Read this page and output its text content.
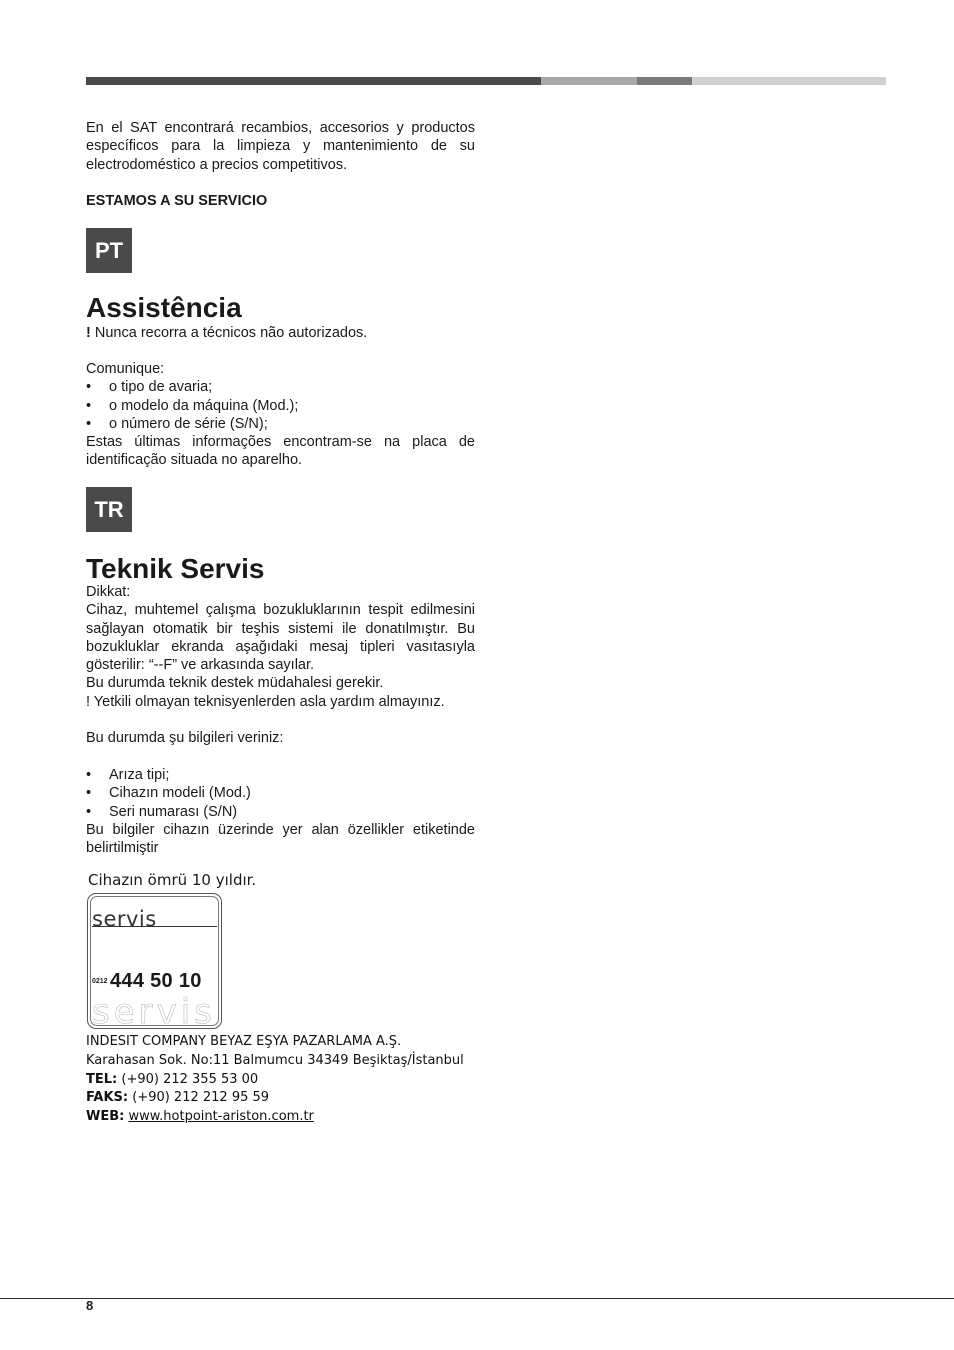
En el SAT encontrará recambios, accesorios y productos específicos para la limpieza y mantenimiento de su electrodoméstico a precios competitivos.
ESTAMOS A SU SERVICIO
PT
Assistência
! Nunca recorra a técnicos não autorizados.
Comunique:
•	o tipo de avaria;
•	o modelo da máquina (Mod.);
•	o número de série (S/N);
Estas últimas informações encontram-se na placa de identificação situada no aparelho.
TR
Teknik Servis
Dikkat:
Cihaz, muhtemel çalışma bozukluklarının tespit edilmesini sağlayan otomatik bir teşhis sistemi ile donatılmıştır. Bu bozukluklar ekranda aşağıdaki mesaj tipleri vasıtasıyla gösterilir: “--F” ve arkasında sayılar.
Bu durumda teknik destek müdahalesi gerekir.
! Yetkili olmayan teknisyenlerden asla yardım almayınız.
Bu durumda şu bilgileri veriniz:
•	Arıza tipi;
•	Cihazın modeli (Mod.)
•	Seri numarası (S/N)
Bu bilgiler cihazın üzerinde yer alan özellikler etiketinde belirtilmiştir
Cihazın ömrü 10 yıldır.
servis
0212 444 50 10
servis
INDESIT COMPANY BEYAZ EŞYA PAZARLAMA A.Ş.
Karahasan Sok. No:11 Balmumcu 34349 Beşiktaş/İstanbul
TEL: (+90) 212 355 53 00
FAKS: (+90) 212 212 95 59
WEB: www.hotpoint-ariston.com.tr
8
